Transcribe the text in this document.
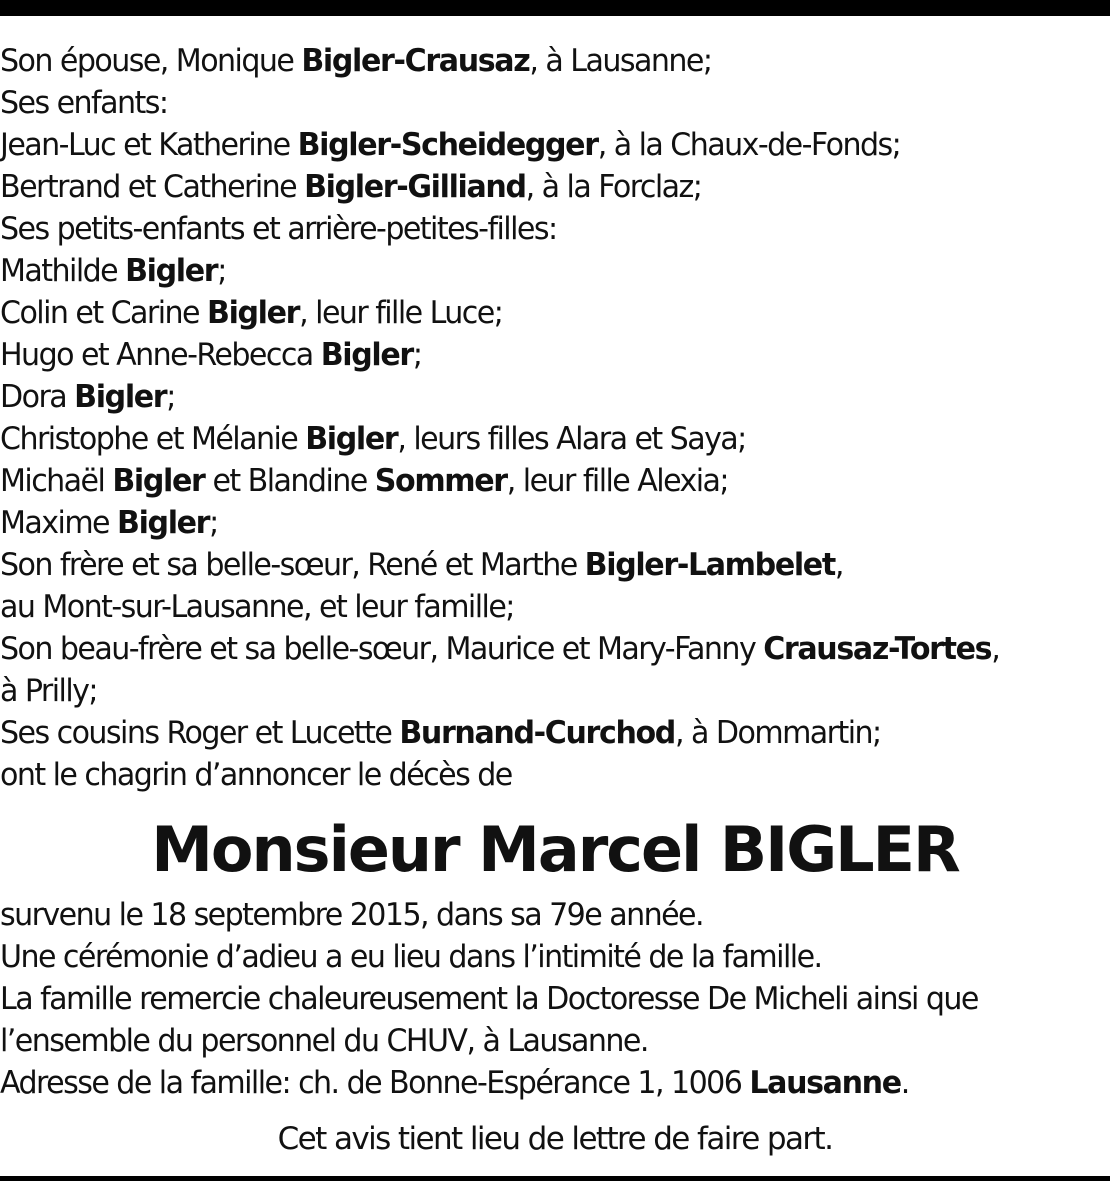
Son épouse, Monique Bigler-Crausaz, à Lausanne;
Ses enfants:
Jean-Luc et Katherine Bigler-Scheidegger, à la Chaux-de-Fonds;
Bertrand et Catherine Bigler-Gilliand, à la Forclaz;
Ses petits-enfants et arrière-petites-filles:
Mathilde Bigler;
Colin et Carine Bigler, leur fille Luce;
Hugo et Anne-Rebecca Bigler;
Dora Bigler;
Christophe et Mélanie Bigler, leurs filles Alara et Saya;
Michaël Bigler et Blandine Sommer, leur fille Alexia;
Maxime Bigler;
Son frère et sa belle-sœur, René et Marthe Bigler-Lambelet,
au Mont-sur-Lausanne, et leur famille;
Son beau-frère et sa belle-sœur, Maurice et Mary-Fanny Crausaz-Tortes,
à Prilly;
Ses cousins Roger et Lucette Burnand-Curchod, à Dommartin;
ont le chagrin d’annoncer le décès de
Monsieur Marcel BIGLER
survenu le 18 septembre 2015, dans sa 79e année.
Une cérémonie d’adieu a eu lieu dans l’intimité de la famille.
La famille remercie chaleureusement la Doctoresse De Micheli ainsi que
l’ensemble du personnel du CHUV, à Lausanne.
Adresse de la famille: ch. de Bonne-Espérance 1, 1006 Lausanne.
Cet avis tient lieu de lettre de faire part.
